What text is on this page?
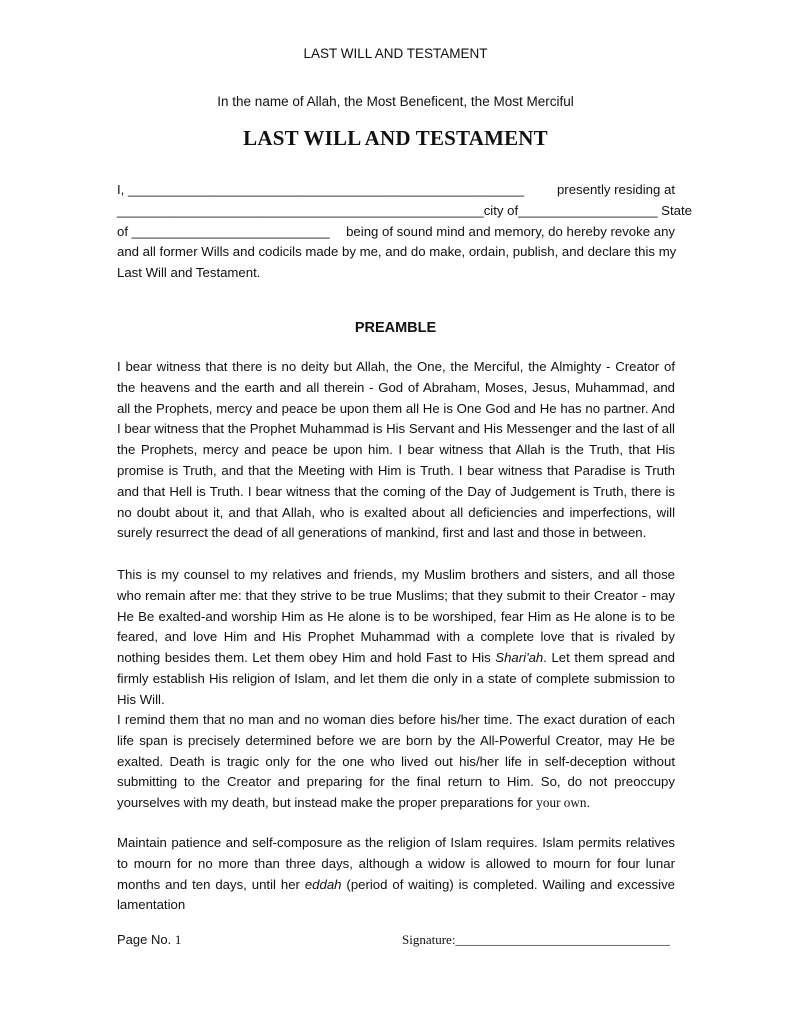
LAST WILL AND TESTAMENT
In the name of Allah, the Most Beneficent, the Most Merciful
LAST WILL AND TESTAMENT
I, ______________________________________________________ presently residing at
__________________________________________________city of ___________________ State
of ___________________________ being of sound mind and memory, do hereby revoke any
and all former Wills and codicils made by me, and do make, ordain, publish, and declare this my
Last Will and Testament.
PREAMBLE

I bear witness that there is no deity but Allah, the One, the Merciful, the Almighty - Creator of the heavens and the earth and all therein - God of Abraham, Moses, Jesus, Muhammad, and all the Prophets, mercy and peace be upon them all He is One God and He has no partner. And I bear witness that the Prophet Muhammad is His Servant and His Messenger and the last of all the Prophets, mercy and peace be upon him. I bear witness that Allah is the Truth, that His promise is Truth, and that the Meeting with Him is Truth. I bear witness that Paradise is Truth and that Hell is Truth. I bear witness that the coming of the Day of Judgement is Truth, there is no doubt about it, and that Allah, who is exalted about all deficiencies and imperfections, will surely resurrect the dead of all generations of mankind, first and last and those in between.

This is my counsel to my relatives and friends, my Muslim brothers and sisters, and all those who remain after me: that they strive to be true Muslims; that they submit to their Creator - may He Be exalted-and worship Him as He alone is to be worshiped, fear Him as He alone is to be feared, and love Him and His Prophet Muhammad with a complete love that is rivaled by nothing besides them. Let them obey Him and hold Fast to His Shari'ah. Let them spread and firmly establish His religion of Islam, and let them die only in a state of complete submission to His Will.

I remind them that no man and no woman dies before his/her time. The exact duration of each life span is precisely determined before we are born by the All-Powerful Creator, may He be exalted. Death is tragic only for the one who lived out his/her life in self-deception without submitting to the Creator and preparing for the final return to Him. So, do not preoccupy yourselves with my death, but instead make the proper preparations for your own.

Maintain patience and self-composure as the religion of Islam requires. Islam permits relatives to mourn for no more than three days, although a widow is allowed to mourn for four lunar months and ten days, until her eddah (period of waiting) is completed. Wailing and excessive lamentation

Page No. 1	Signature:_________________________________
